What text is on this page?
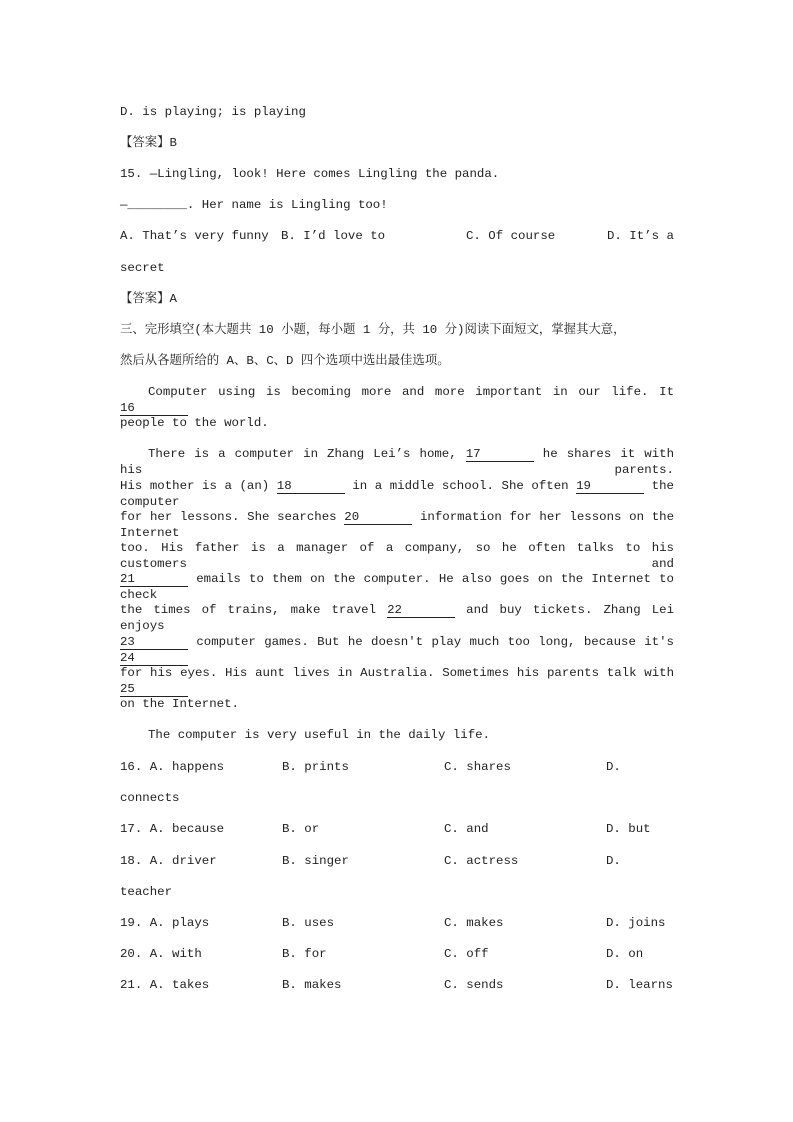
D. is playing; is playing
【答案】B
15. —Lingling, look! Here comes Lingling the panda.
—________. Her name is Lingling too!
A. That’s very funny B. I’d love to	C. Of course	D. It’s a
secret
【答案】A
三、完形填空(本大题共 10 小题，每小题 1 分，共 10 分)阅读下面短文，掌握其大意，
然后从各题所给的 A、B、C、D 四个选项中选出最佳选项。
Computer using is becoming more and more important in our life. It 16
people to the world.
There is a computer in Zhang Lei’s home, 17	he shares it with his parents.
His mother is a (an) 18	in a middle school. She often 19	the computer
for her lessons. She searches 20	information for her lessons on the Internet
too. His father is a manager of a company, so he often talks to his customers and
21	emails to them on the computer. He also goes on the Internet to check
the times of trains, make travel 22	and buy tickets. Zhang Lei enjoys
23	computer games. But he doesn't play much too long, because it's 24
for his eyes. His aunt lives in Australia. Sometimes his parents talk with 25
on the Internet.
The computer is very useful in the daily life.
16. A. happens	B. prints	C. shares	D.
connects
17. A. because	B. or	C. and	D. but
18. A. driver	B. singer	C. actress	D.
teacher
19. A. plays	B. uses	C. makes	D. joins
20. A. with	B. for	C. off	D. on
21. A. takes	B. makes	C. sends	D. learns
